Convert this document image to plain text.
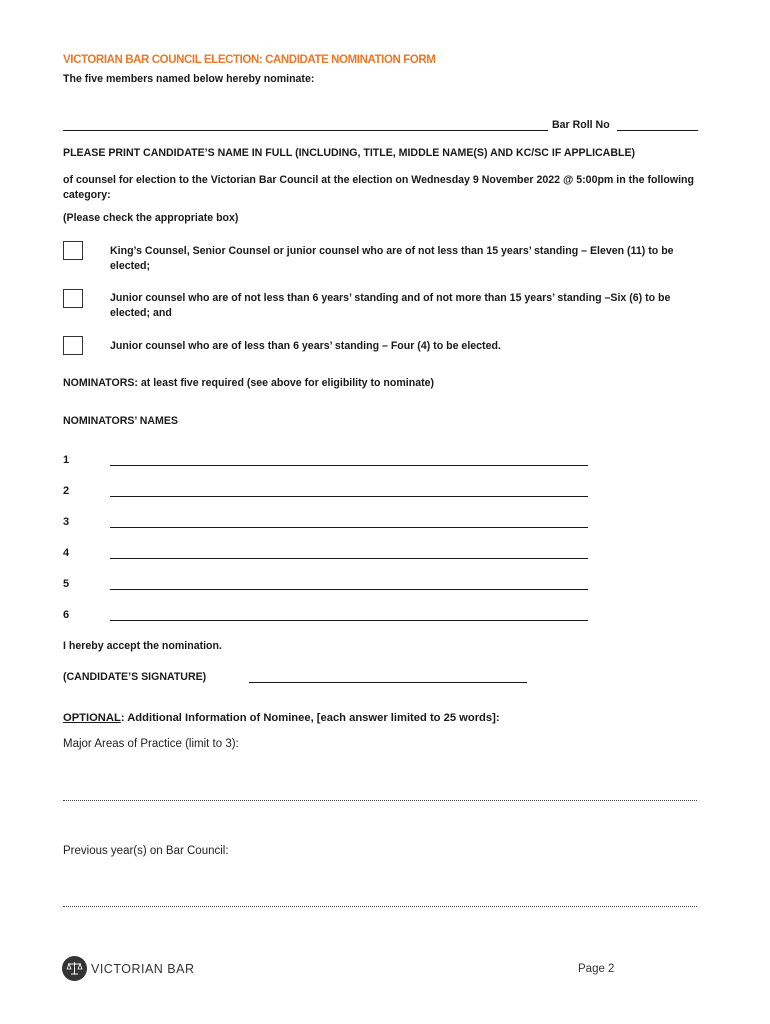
VICTORIAN BAR COUNCIL ELECTION: CANDIDATE NOMINATION FORM
The five members named below hereby nominate:
Bar Roll No
PLEASE PRINT CANDIDATE’S NAME IN FULL (INCLUDING, TITLE, MIDDLE NAME(S) AND KC/SC IF APPLICABLE)
of counsel for election to the Victorian Bar Council at the election on Wednesday 9 November 2022 @ 5:00pm in the following category:
(Please check the appropriate box)
King’s Counsel, Senior Counsel or junior counsel who are of not less than 15 years’ standing – Eleven (11) to be elected;
Junior counsel who are of not less than 6 years’ standing and of not more than 15 years’ standing –Six (6) to be elected; and
Junior counsel who are of less than 6 years’ standing – Four (4) to be elected.
NOMINATORS: at least five required (see above for eligibility to nominate)
NOMINATORS’ NAMES
1
2
3
4
5
6
I hereby accept the nomination.
(CANDIDATE’S SIGNATURE)
OPTIONAL: Additional Information of Nominee, [each answer limited to 25 words]:
Major Areas of Practice (limit to 3):
Previous year(s) on Bar Council:
VICTORIAN BAR	Page 2
